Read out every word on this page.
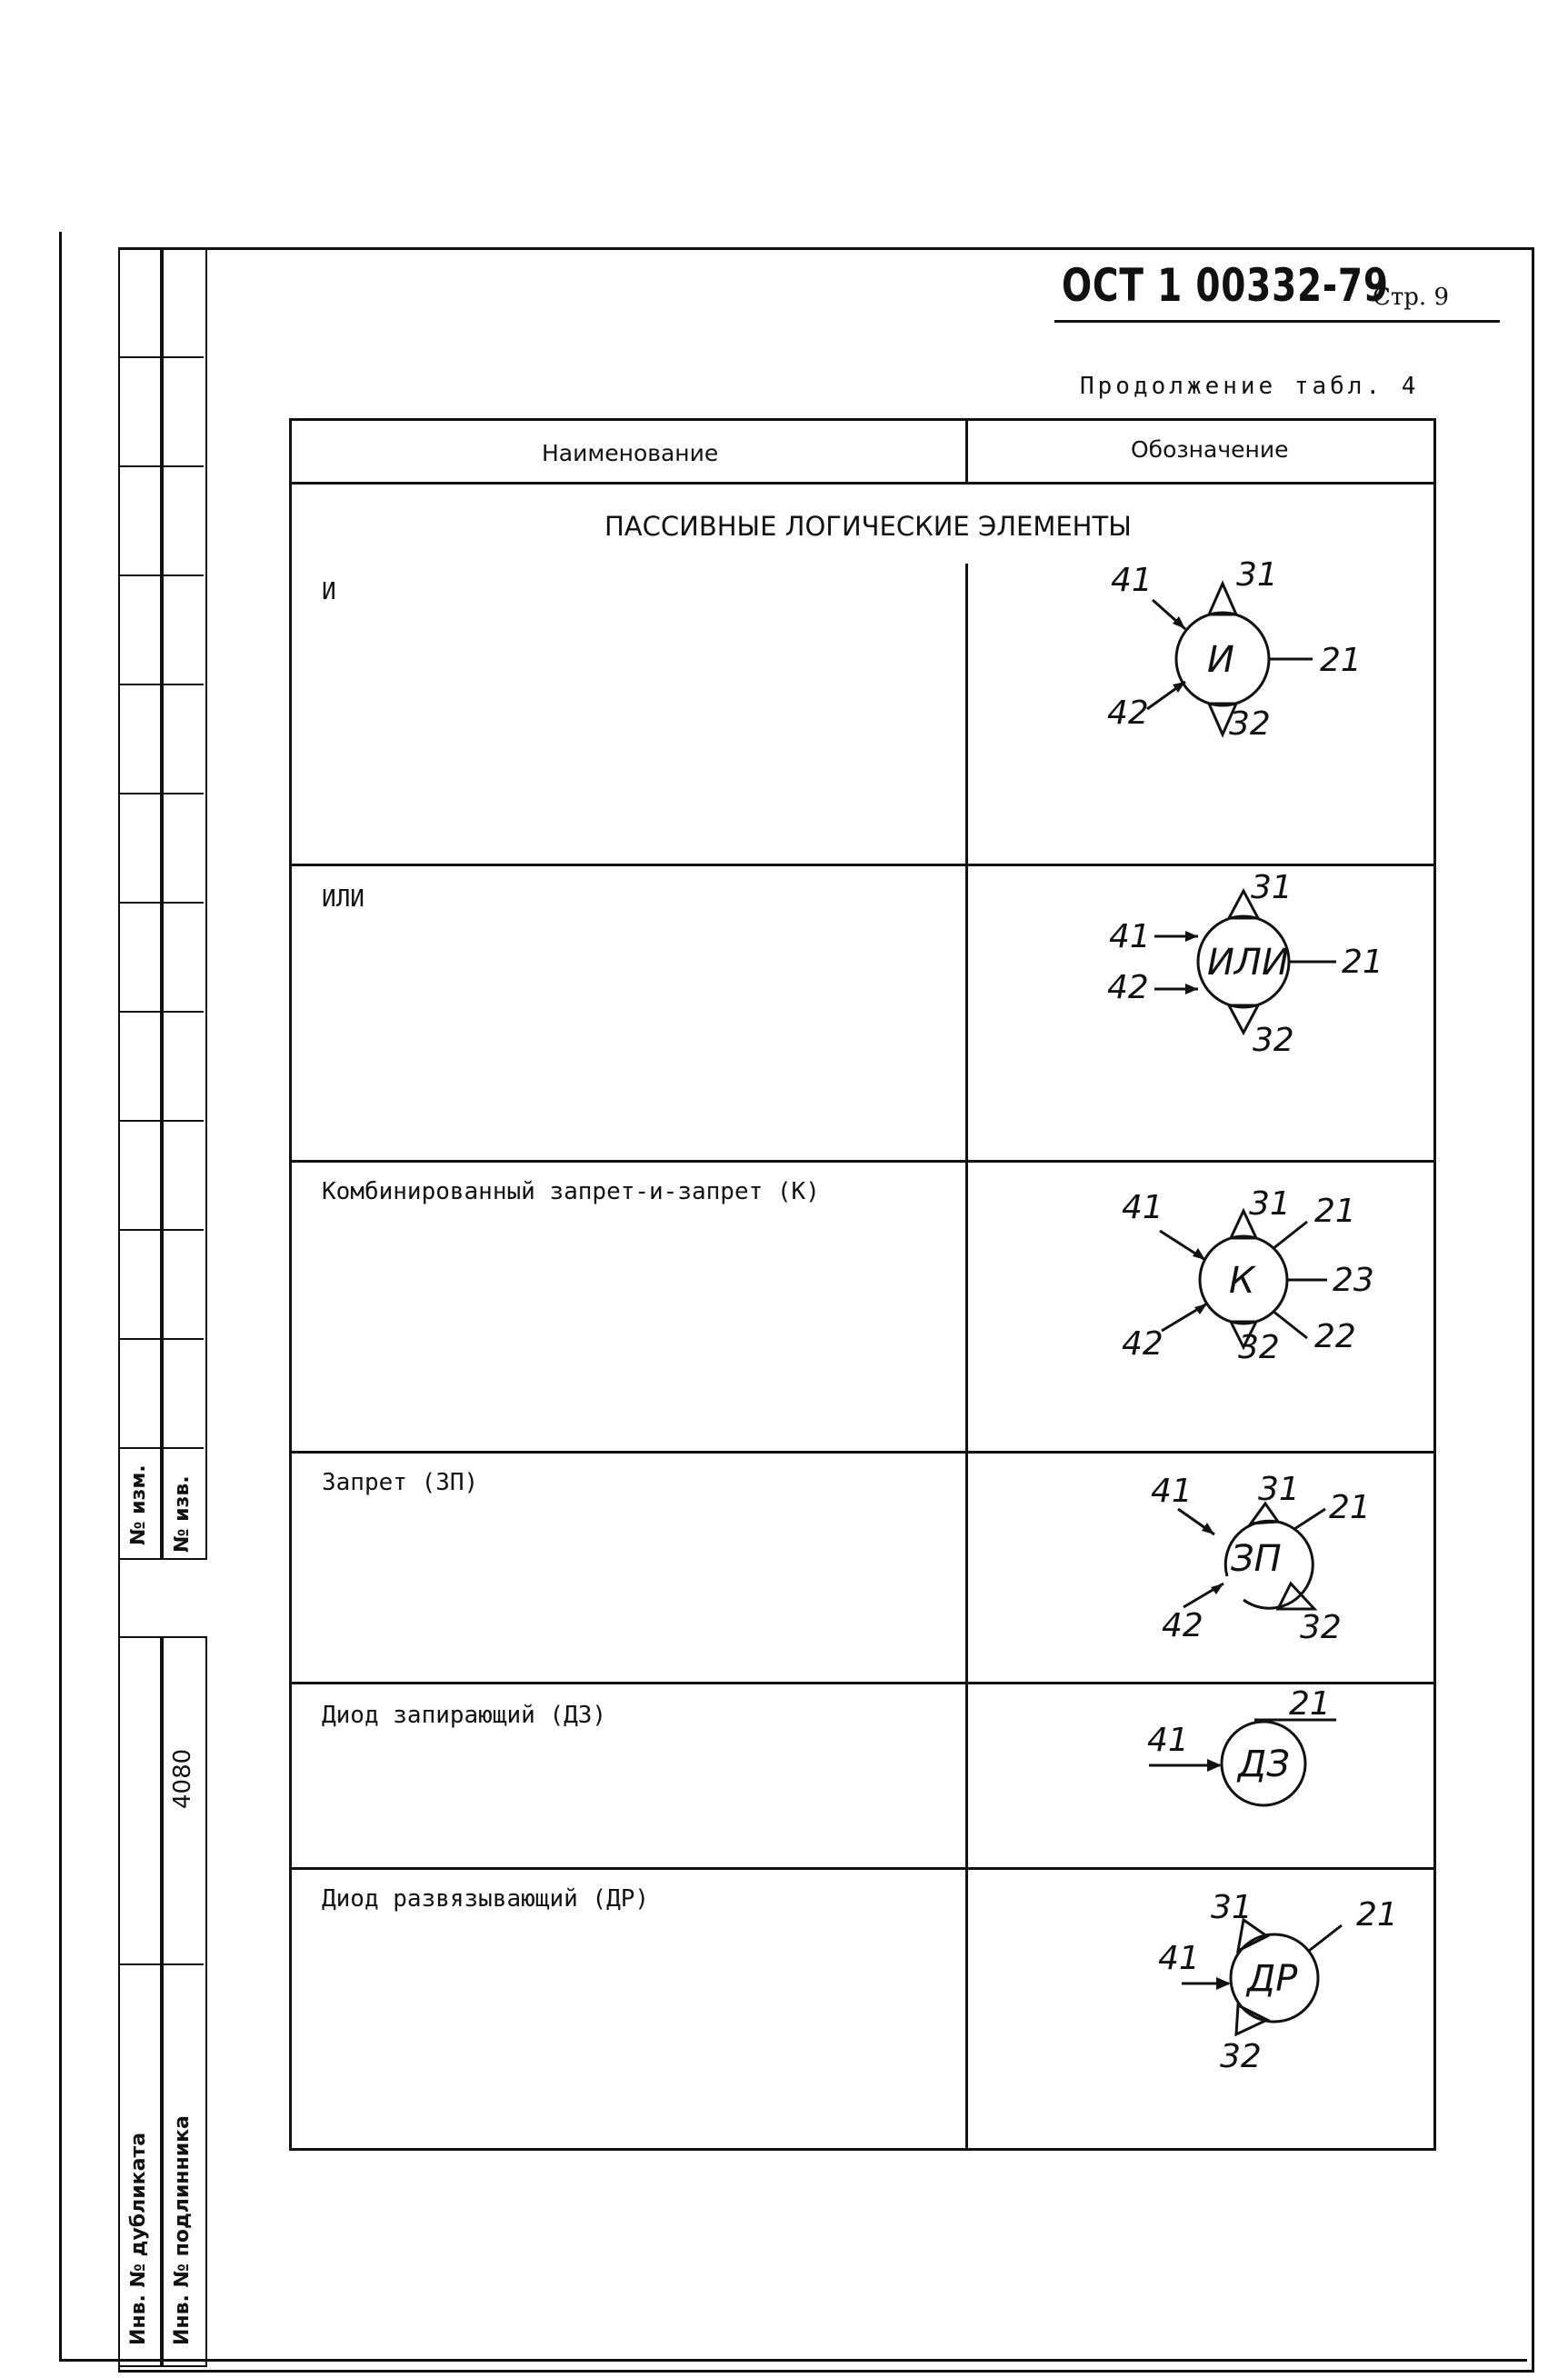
№ изм. № изв.
Инв. № дубликата Инв. № подлинника
4080
ОСТ 1 00332-79
Стр. 9
Продолжение табл. 4
Наименование	Обозначение
ПАССИВНЫЕ ЛОГИЧЕСКИЕ ЭЛЕМЕНТЫ
И
ИЛИ
Комбинированный запрет-и-запрет (К)
Запрет (ЗП)
Диод запирающий (ДЗ)
Диод развязывающий (ДР)
И
41
42
31
32
21
ИЛИ
41
42
31
32
21
К
41
42
31
32
21
23
22
ЗП
41
42
31 21
32
ДЗ
41
21
ДР
31
41
21
32
